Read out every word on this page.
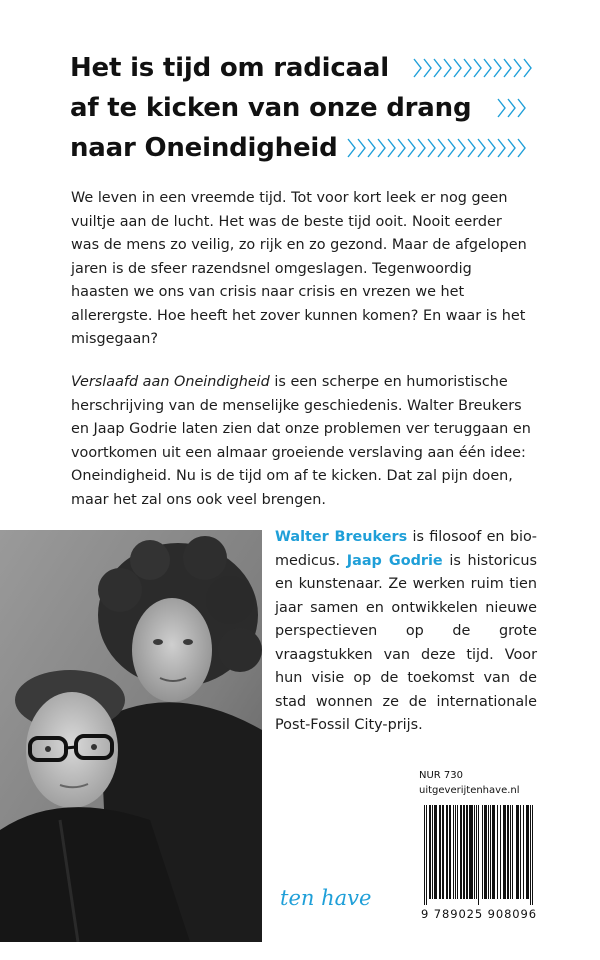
Het is tijd om radicaal
af te kicken van onze drang
naar Oneindigheid
We leven in een vreemde tijd. Tot voor kort leek er nog geen vuiltje aan de lucht. Het was de beste tijd ooit. Nooit eerder was de mens zo veilig, zo rijk en zo gezond. Maar de afgelopen jaren is de sfeer razendsnel omgeslagen. Tegenwoordig haasten we ons van crisis naar crisis en vrezen we het allerergste. Hoe heeft het zover kunnen komen? En waar is het misgegaan?
Verslaafd aan Oneindigheid is een scherpe en humoristische herschrijving van de menselijke geschiedenis. Walter Breukers en Jaap Godrie laten zien dat onze problemen ver teruggaan en voortkomen uit een almaar groeiende verslaving aan één idee: Oneindigheid. Nu is de tijd om af te kicken. Dat zal pijn doen, maar het zal ons ook veel brengen.
Walter Breukers is filosoof en biomedicus. Jaap Godrie is historicus en kunstenaar. Ze werken ruim tien jaar samen en ontwikkelen nieuwe perspectieven op de grote vraagstukken van deze tijd. Voor hun visie op de toekomst van de stad wonnen ze de internationale Post-Fossil City-prijs.
NUR 730
uitgeverijtenhave.nl
9 789025 908096
ten have
